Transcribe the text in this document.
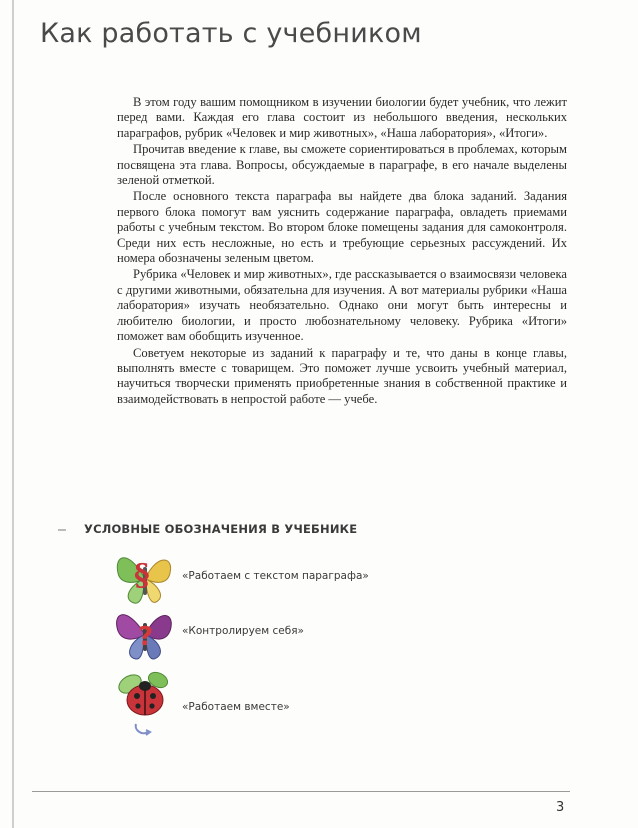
Как работать с учебником

В этом году вашим помощником в изучении биологии будет учебник, что лежит перед вами. Каждая его глава состоит из небольшого введения, нескольких параграфов, рубрик «Человек и мир животных», «Наша лаборатория», «Итоги».

Прочитав введение к главе, вы сможете сориентироваться в проблемах, которым посвящена эта глава. Вопросы, обсуждаемые в параграфе, в его начале выделены зеленой отметкой.

После основного текста параграфа вы найдете два блока заданий. Задания первого блока помогут вам уяснить содержание параграфа, овладеть приемами работы с учебным текстом. Во втором блоке помещены задания для самоконтроля. Среди них есть несложные, но есть и требующие серьезных рассуждений. Их номера обозначены зеленым цветом.

Рубрика «Человек и мир животных», где рассказывается о взаимосвязи человека с другими животными, обязательна для изучения. А вот материалы рубрики «Наша лаборатория» изучать необязательно. Однако они могут быть интересны и любителю биологии, и просто любознательному человеку. Рубрика «Итоги» поможет вам обобщить изученное.

Советуем некоторые из заданий к параграфу и те, что даны в конце главы, выполнять вместе с товарищем. Это поможет лучше усвоить учебный материал, научиться творчески применять приобретенные знания в собственной практике и взаимодействовать в непростой работе — учебе.

УСЛОВНЫЕ ОБОЗНАЧЕНИЯ В УЧЕБНИКЕ
§	«Работаем с текстом параграфа»
?	«Контролируем себя»
«Работаем вместе»
3
